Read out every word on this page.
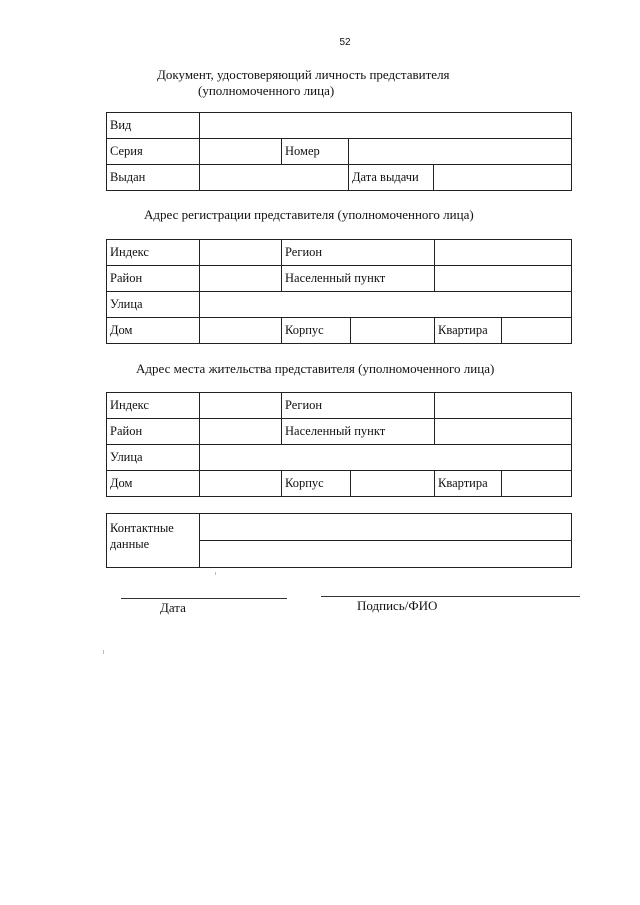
52
Документ, удостоверяющий личность представителя
(уполномоченного лица)
Вид				
Серия		Номер		
Выдан			Дата выдачи	
Адрес регистрации представителя (уполномоченного лица)
Индекс		Регион		
Район		Населенный пункт		
Улица				
Дом		Корпус		Квартира
Адрес места жительства представителя (уполномоченного лица)
Индекс		Регион		
Район		Населенный пункт		
Улица				
Дом		Корпус		Квартира
Контактные данные

Дата	Подпись/ФИО
